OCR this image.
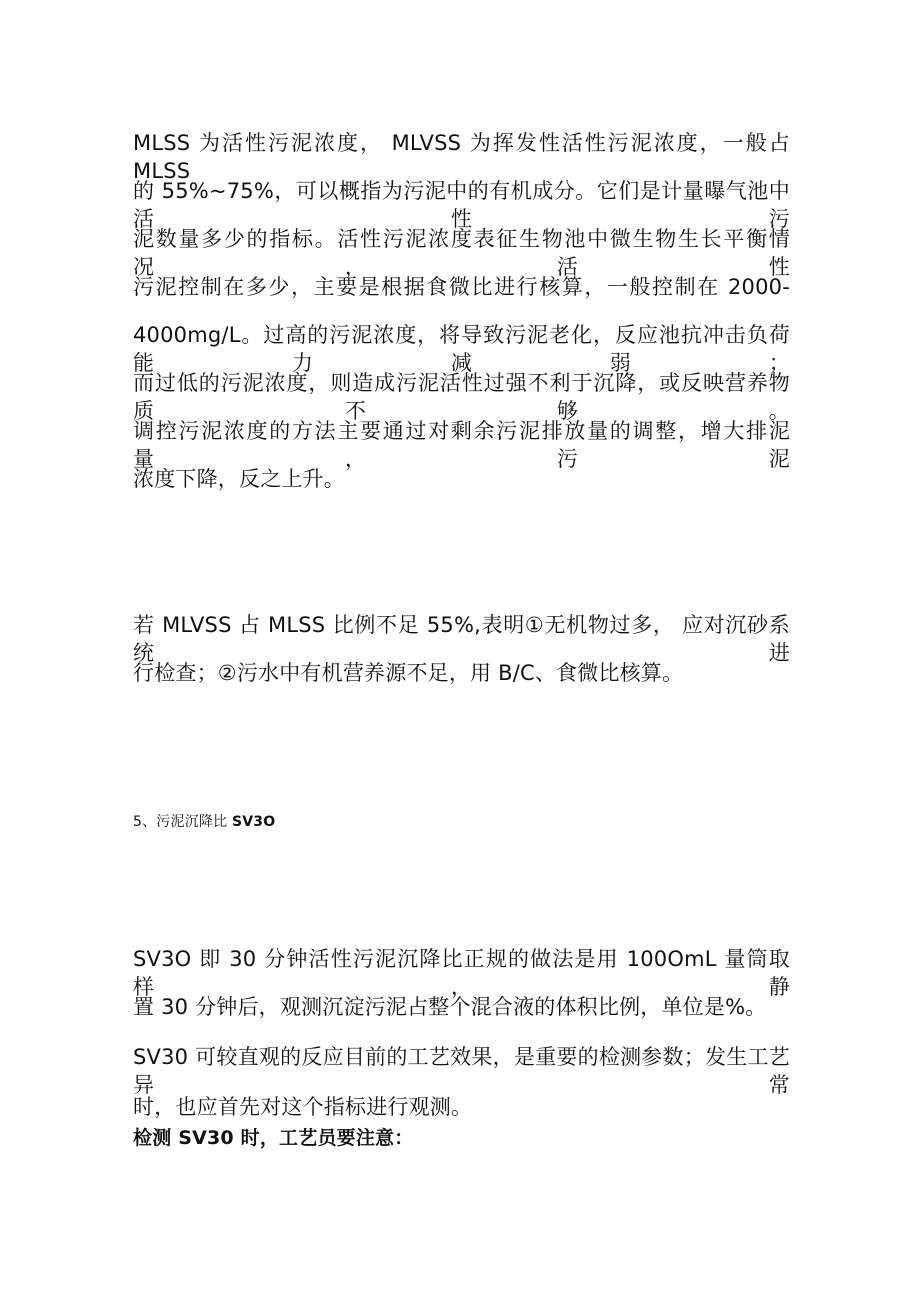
MLSS 为活性污泥浓度， MLVSS 为挥发性活性污泥浓度，一般占 MLSS

的 55%~75%，可以概指为污泥中的有机成分。它们是计量曝气池中活性污

泥数量多少的指标。活性污泥浓度表征生物池中微生物生长平衡情况，活性

污泥控制在多少，主要是根据食微比进行核算，一般控制在 2000-

4000mg/L。过高的污泥浓度，将导致污泥老化，反应池抗冲击负荷能力减弱；

而过低的污泥浓度，则造成污泥活性过强不利于沉降，或反映营养物质不够。

调控污泥浓度的方法主要通过对剩余污泥排放量的调整，增大排泥量，污泥

浓度下降，反之上升。

若 MLVSS 占 MLSS 比例不足 55%,表明①无机物过多， 应对沉砂系统进

行检查；②污水中有机营养源不足，用 B/C、食微比核算。

5、污泥沉降比 SV3O

SV3O 即 30 分钟活性污泥沉降比正规的做法是用 100OmL 量筒取样，静

置 30 分钟后，观测沉淀污泥占整个混合液的体积比例，单位是%。

SV30 可较直观的反应目前的工艺效果，是重要的检测参数；发生工艺异常

时，也应首先对这个指标进行观测。

检测 SV30 时，工艺员要注意：
